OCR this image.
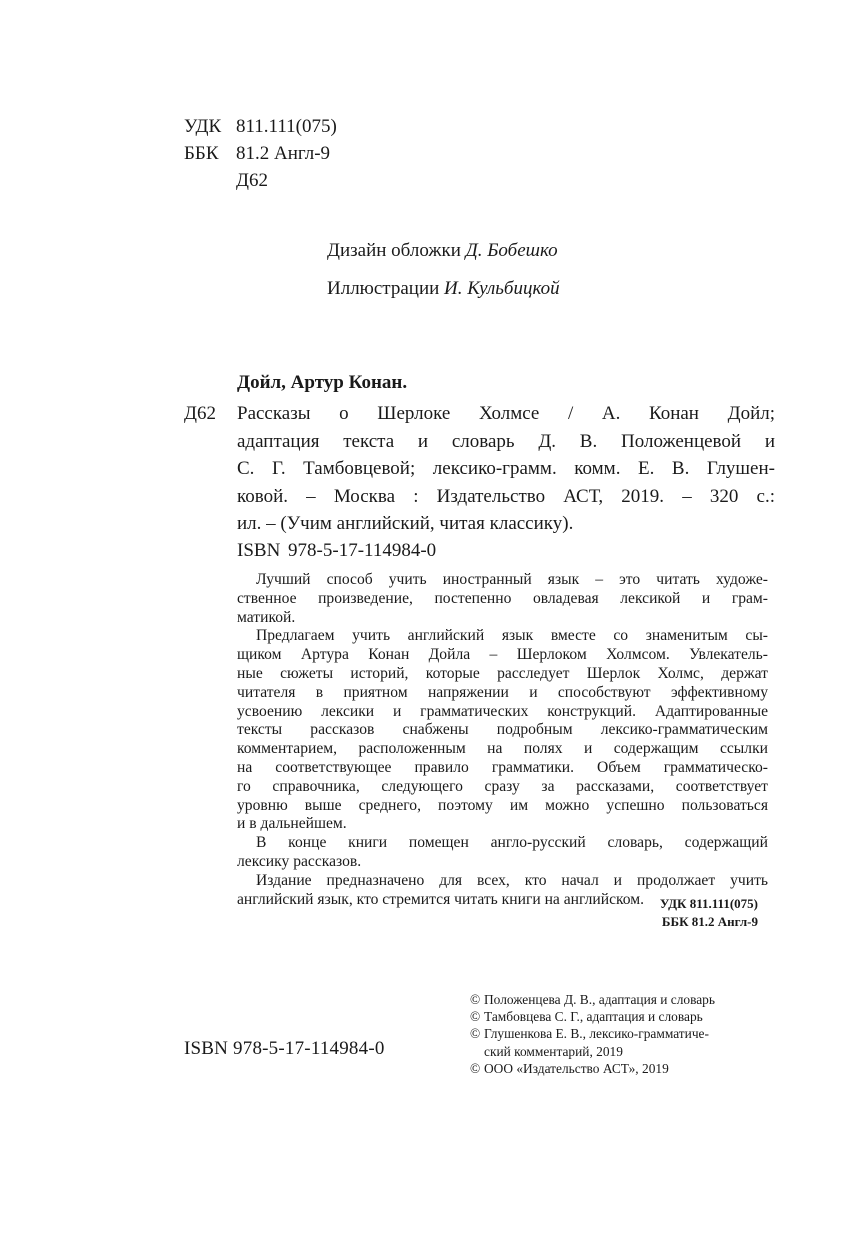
УДК 811.111(075)
ББК 81.2 Англ-9
Д62
Дизайн обложки Д. Бобешко
Иллюстрации И. Кульбицкой
Дойл, Артур Конан.
Д62 Рассказы о Шерлоке Холмсе / А. Конан Дойл;
адаптация текста и словарь Д. В. Положенцевой и
С. Г. Тамбовцевой; лексико-грамм. комм. Е. В. Глушен-
ковой. – Москва : Издательство АСТ, 2019. – 320 с.:
ил. – (Учим английский, читая классику).
ISBN 978-5-17-114984-0
Лучший способ учить иностранный язык – это читать художе-
ственное произведение, постепенно овладевая лексикой и грам-
матикой.
Предлагаем учить английский язык вместе со знаменитым сы-
щиком Артура Конан Дойла – Шерлоком Холмсом. Увлекатель-
ные сюжеты историй, которые расследует Шерлок Холмс, держат
читателя в приятном напряжении и способствуют эффективному
усвоению лексики и грамматических конструкций. Адаптированные
тексты рассказов снабжены подробным лексико-грамматическим
комментарием, расположенным на полях и содержащим ссылки
на соответствующее правило грамматики. Объем грамматическо-
го справочника, следующего сразу за рассказами, соответствует
уровню выше среднего, поэтому им можно успешно пользоваться
и в дальнейшем.
В конце книги помещен англо-русский словарь, содержащий
лексику рассказов.
Издание предназначено для всех, кто начал и продолжает учить
английский язык, кто стремится читать книги на английском.	УДК 811.111(075)
ББК 81.2 Англ-9
ISBN 978-5-17-114984-0
© Положенцева Д. В., адаптация и словарь
© Тамбовцева С. Г., адаптация и словарь
© Глушенкова Е. В., лексико-грамматиче-
ский комментарий, 2019
© ООО «Издательство АСТ», 2019
